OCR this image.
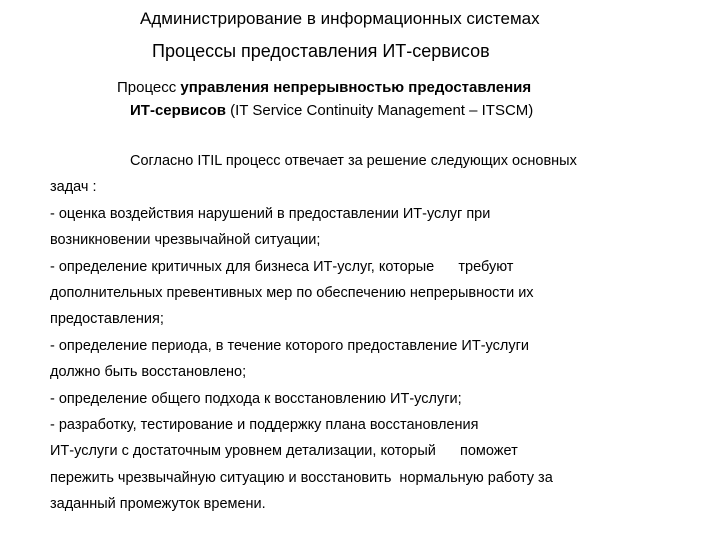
Администрирование в информационных системах
Процессы предоставления ИТ-сервисов
Процесс управления непрерывностью предоставления
ИТ-сервисов (IT Service Continuity Management – ITSCM)
Согласно ITIL процесс отвечает за решение следующих основных
задач :
- оценка воздействия нарушений в предоставлении ИТ-услуг при
возникновении чрезвычайной ситуации;
- определение критичных для бизнеса ИТ-услуг, которые      требуют
дополнительных превентивных мер по обеспечению непрерывности их
предоставления;
- определение периода, в течение которого предоставление ИТ-услуги
должно быть восстановлено;
- определение общего подхода к восстановлению ИТ-услуги;
- разработку, тестирование и поддержку плана восстановления
ИТ-услуги с достаточным уровнем детализации, который      поможет
пережить чрезвычайную ситуацию и восстановить  нормальную работу за
заданный промежуток времени.
